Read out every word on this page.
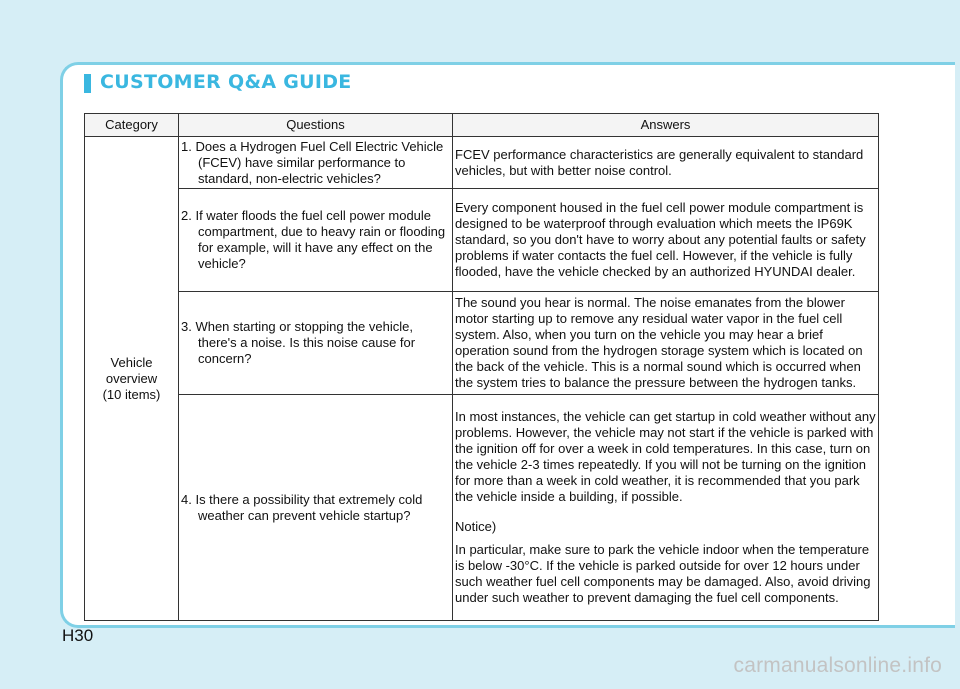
CUSTOMER Q&A GUIDE
Category	Questions	Answers

Vehicle
overview
(10 items)	1. Does a Hydrogen Fuel Cell Electric Vehicle (FCEV) have similar performance to standard, non-electric vehicles?	FCEV performance characteristics are generally equivalent to standard vehicles, but with better noise control.

	2. If water floods the fuel cell power module compartment, due to heavy rain or flooding for example, will it have any effect on the vehicle?	Every component housed in the fuel cell power module compartment is designed to be waterproof through evaluation which meets the IP69K standard, so you don't have to worry about any potential faults or safety problems if water contacts the fuel cell. However, if the vehicle is fully flooded, have the vehicle checked by an authorized HYUNDAI dealer.

	3. When starting or stopping the vehicle, there's a noise. Is this noise cause for concern?	The sound you hear is normal. The noise emanates from the blower motor starting up to remove any residual water vapor in the fuel cell system. Also, when you turn on the vehicle you may hear a brief operation sound from the hydrogen storage system which is located on the back of the vehicle. This is a normal sound which is occurred when the system tries to balance the pressure between the hydrogen tanks.

	4. Is there a possibility that extremely cold weather can prevent vehicle startup?	In most instances, the vehicle can get startup in cold weather without any problems. However, the vehicle may not start if the vehicle is parked with the ignition off for over a week in cold temperatures. In this case, turn on the vehicle 2-3 times repeatedly. If you will not be turning on the ignition for more than a week in cold weather, it is recommended that you park the vehicle inside a building, if possible.
Notice)
In particular, make sure to park the vehicle indoor when the temperature is below -30°C. If the vehicle is parked outside for over 12 hours under such weather fuel cell components may be damaged. Also, avoid driving under such weather to prevent damaging the fuel cell components.
H30
carmanualsonline.info
